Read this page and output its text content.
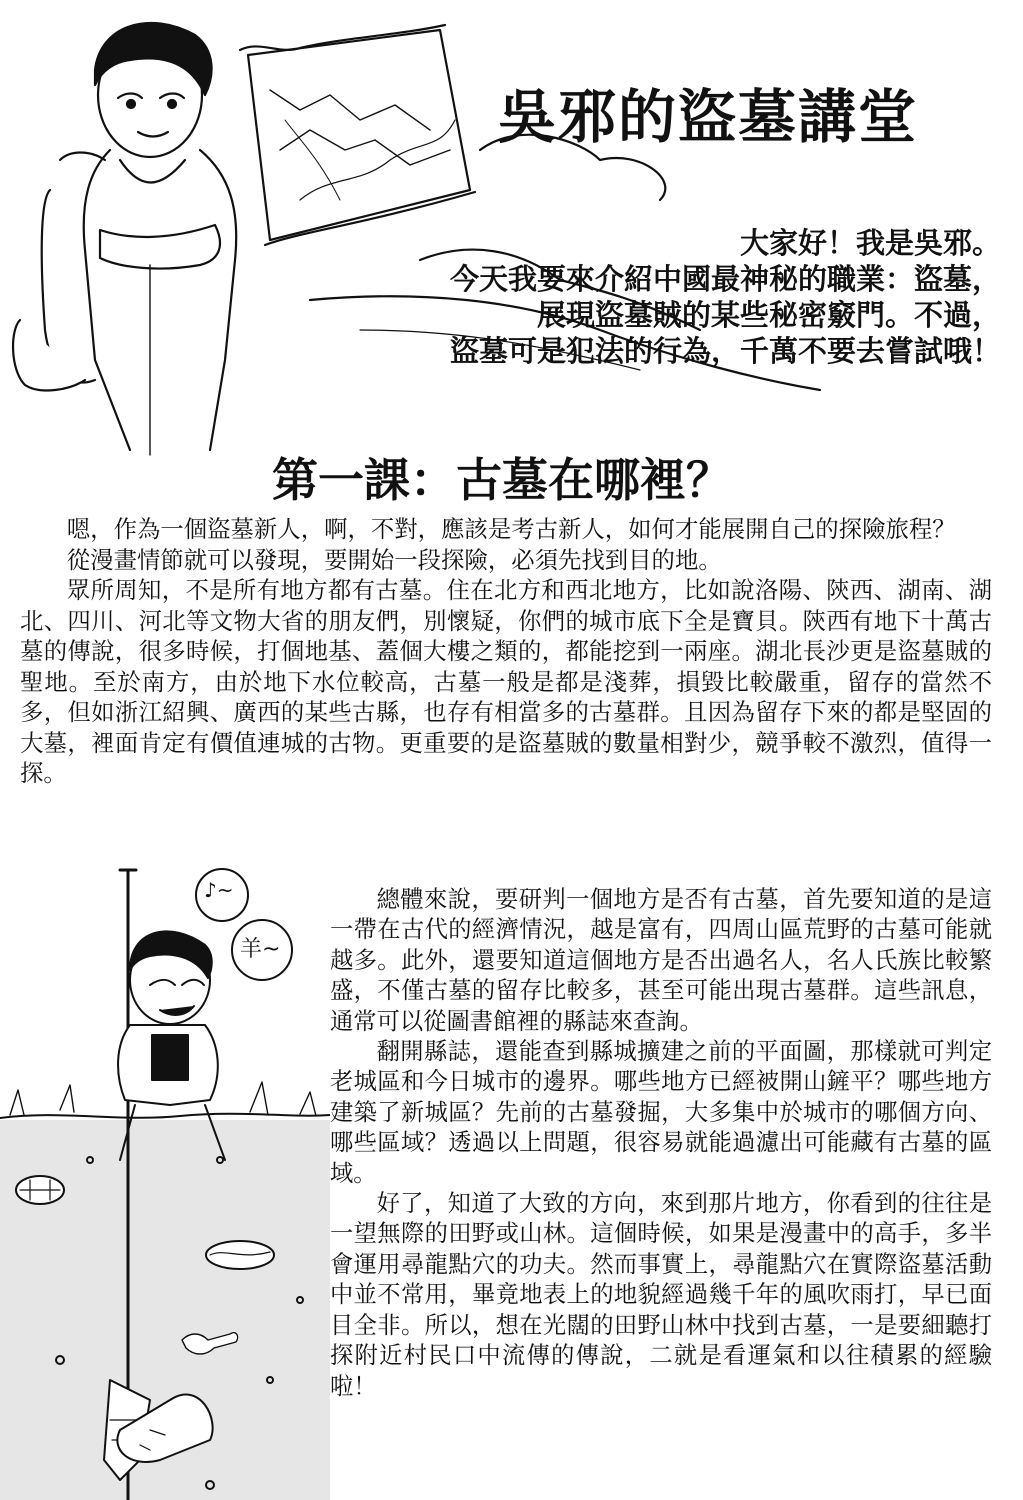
吳邪的盜墓講堂
大家好！我是吳邪。
今天我要來介紹中國最神秘的職業：盜墓，
展現盜墓賊的某些秘密竅門。不過，
盜墓可是犯法的行為，千萬不要去嘗試哦！
第一課：古墓在哪裡？

嗯，作為一個盜墓新人，啊，不對，應該是考古新人，如何才能展開自己的探險旅程？

從漫畫情節就可以發現，要開始一段探險，必須先找到目的地。

眾所周知，不是所有地方都有古墓。住在北方和西北地方，比如說洛陽、陝西、湖南、湖北、四川、河北等文物大省的朋友們，別懷疑，你們的城市底下全是寶貝。陝西有地下十萬古墓的傳說，很多時候，打個地基、蓋個大樓之類的，都能挖到一兩座。湖北長沙更是盜墓賊的聖地。至於南方，由於地下水位較高，古墓一般是都是淺葬，損毀比較嚴重，留存的當然不多，但如浙江紹興、廣西的某些古縣，也存有相當多的古墓群。且因為留存下來的都是堅固的大墓，裡面肯定有價值連城的古物。更重要的是盜墓賊的數量相對少，競爭較不激烈，值得一探。

♪~
羊~

總體來說，要研判一個地方是否有古墓，首先要知道的是這一帶在古代的經濟情況，越是富有，四周山區荒野的古墓可能就越多。此外，還要知道這個地方是否出過名人，名人氏族比較繁盛，不僅古墓的留存比較多，甚至可能出現古墓群。這些訊息，通常可以從圖書館裡的縣誌來查詢。

翻開縣誌，還能查到縣城擴建之前的平面圖，那樣就可判定老城區和今日城市的邊界。哪些地方已經被開山鏟平？哪些地方建築了新城區？先前的古墓發掘，大多集中於城市的哪個方向、哪些區域？透過以上問題，很容易就能過濾出可能藏有古墓的區域。

好了，知道了大致的方向，來到那片地方，你看到的往往是一望無際的田野或山林。這個時候，如果是漫畫中的高手，多半會運用尋龍點穴的功夫。然而事實上，尋龍點穴在實際盜墓活動中並不常用，畢竟地表上的地貌經過幾千年的風吹雨打，早已面目全非。所以，想在光闊的田野山林中找到古墓，一是要細聽打探附近村民口中流傳的傳說，二就是看運氣和以往積累的經驗啦！
